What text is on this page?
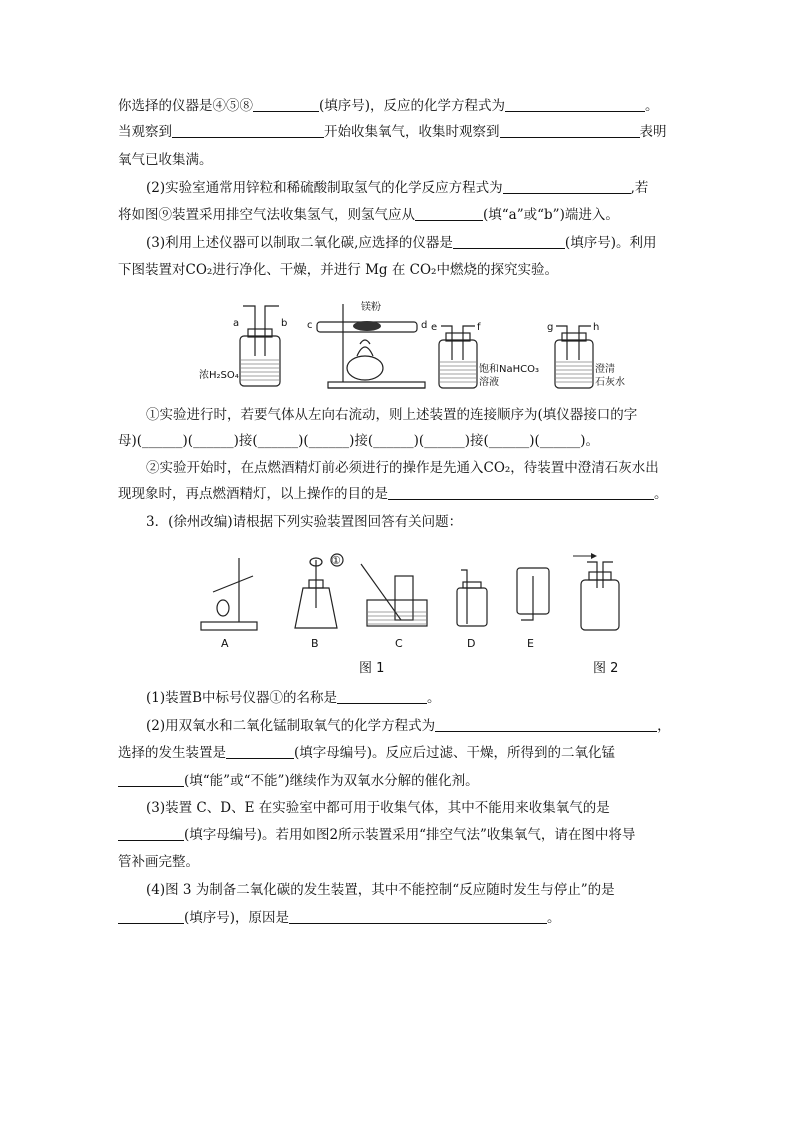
你选择的仪器是④⑤⑧	(填序号)，反应的化学方程式为	。
当观察到	开始收集氧气，收集时观察到	表明
氧气已收集满。
(2)实验室通常用锌粒和稀硫酸制取氢气的化学反应方程式为	,若
将如图⑨装置采用排空气法收集氢气，则氢气应从	(填“a”或“b”)端进入。
(3)利用上述仪器可以制取二氧化碳,应选择的仪器是	(填序号)。利用
下图装置对CO₂进行净化、干燥，并进行 Mg 在 CO₂中燃烧的探究实验。
a	b c	d e	f	g	h
镁粉
浓H₂SO₄
饱和NaHCO₃
溶液
澄清
石灰水
①实验进行时，若要气体从左向右流动，则上述装置的连接顺序为(填仪器接口的字
母)(______)(______)接(______)(______)接(______)(______)接(______)(______)。
②实验开始时，在点燃酒精灯前必须进行的操作是先通入CO₂，待装置中澄清石灰水出
现现象时，再点燃酒精灯，以上操作的目的是	。
3．(徐州改编)请根据下列实验装置图回答有关问题：
A	B	C	D	E
①
图 1	图 2
(1)装置B中标号仪器①的名称是	。
(2)用双氧水和二氧化锰制取氧气的化学方程式为	，
选择的发生装置是	(填字母编号)。反应后过滤、干燥，所得到的二氧化锰
(填“能”或“不能”)继续作为双氧水分解的催化剂。
(3)装置 C、D、E 在实验室中都可用于收集气体，其中不能用来收集氧气的是
(填字母编号)。若用如图2所示装置采用“排空气法”收集氧气，请在图中将导
管补画完整。
(4)图 3 为制备二氧化碳的发生装置，其中不能控制“反应随时发生与停止”的是
(填序号)，原因是	。
